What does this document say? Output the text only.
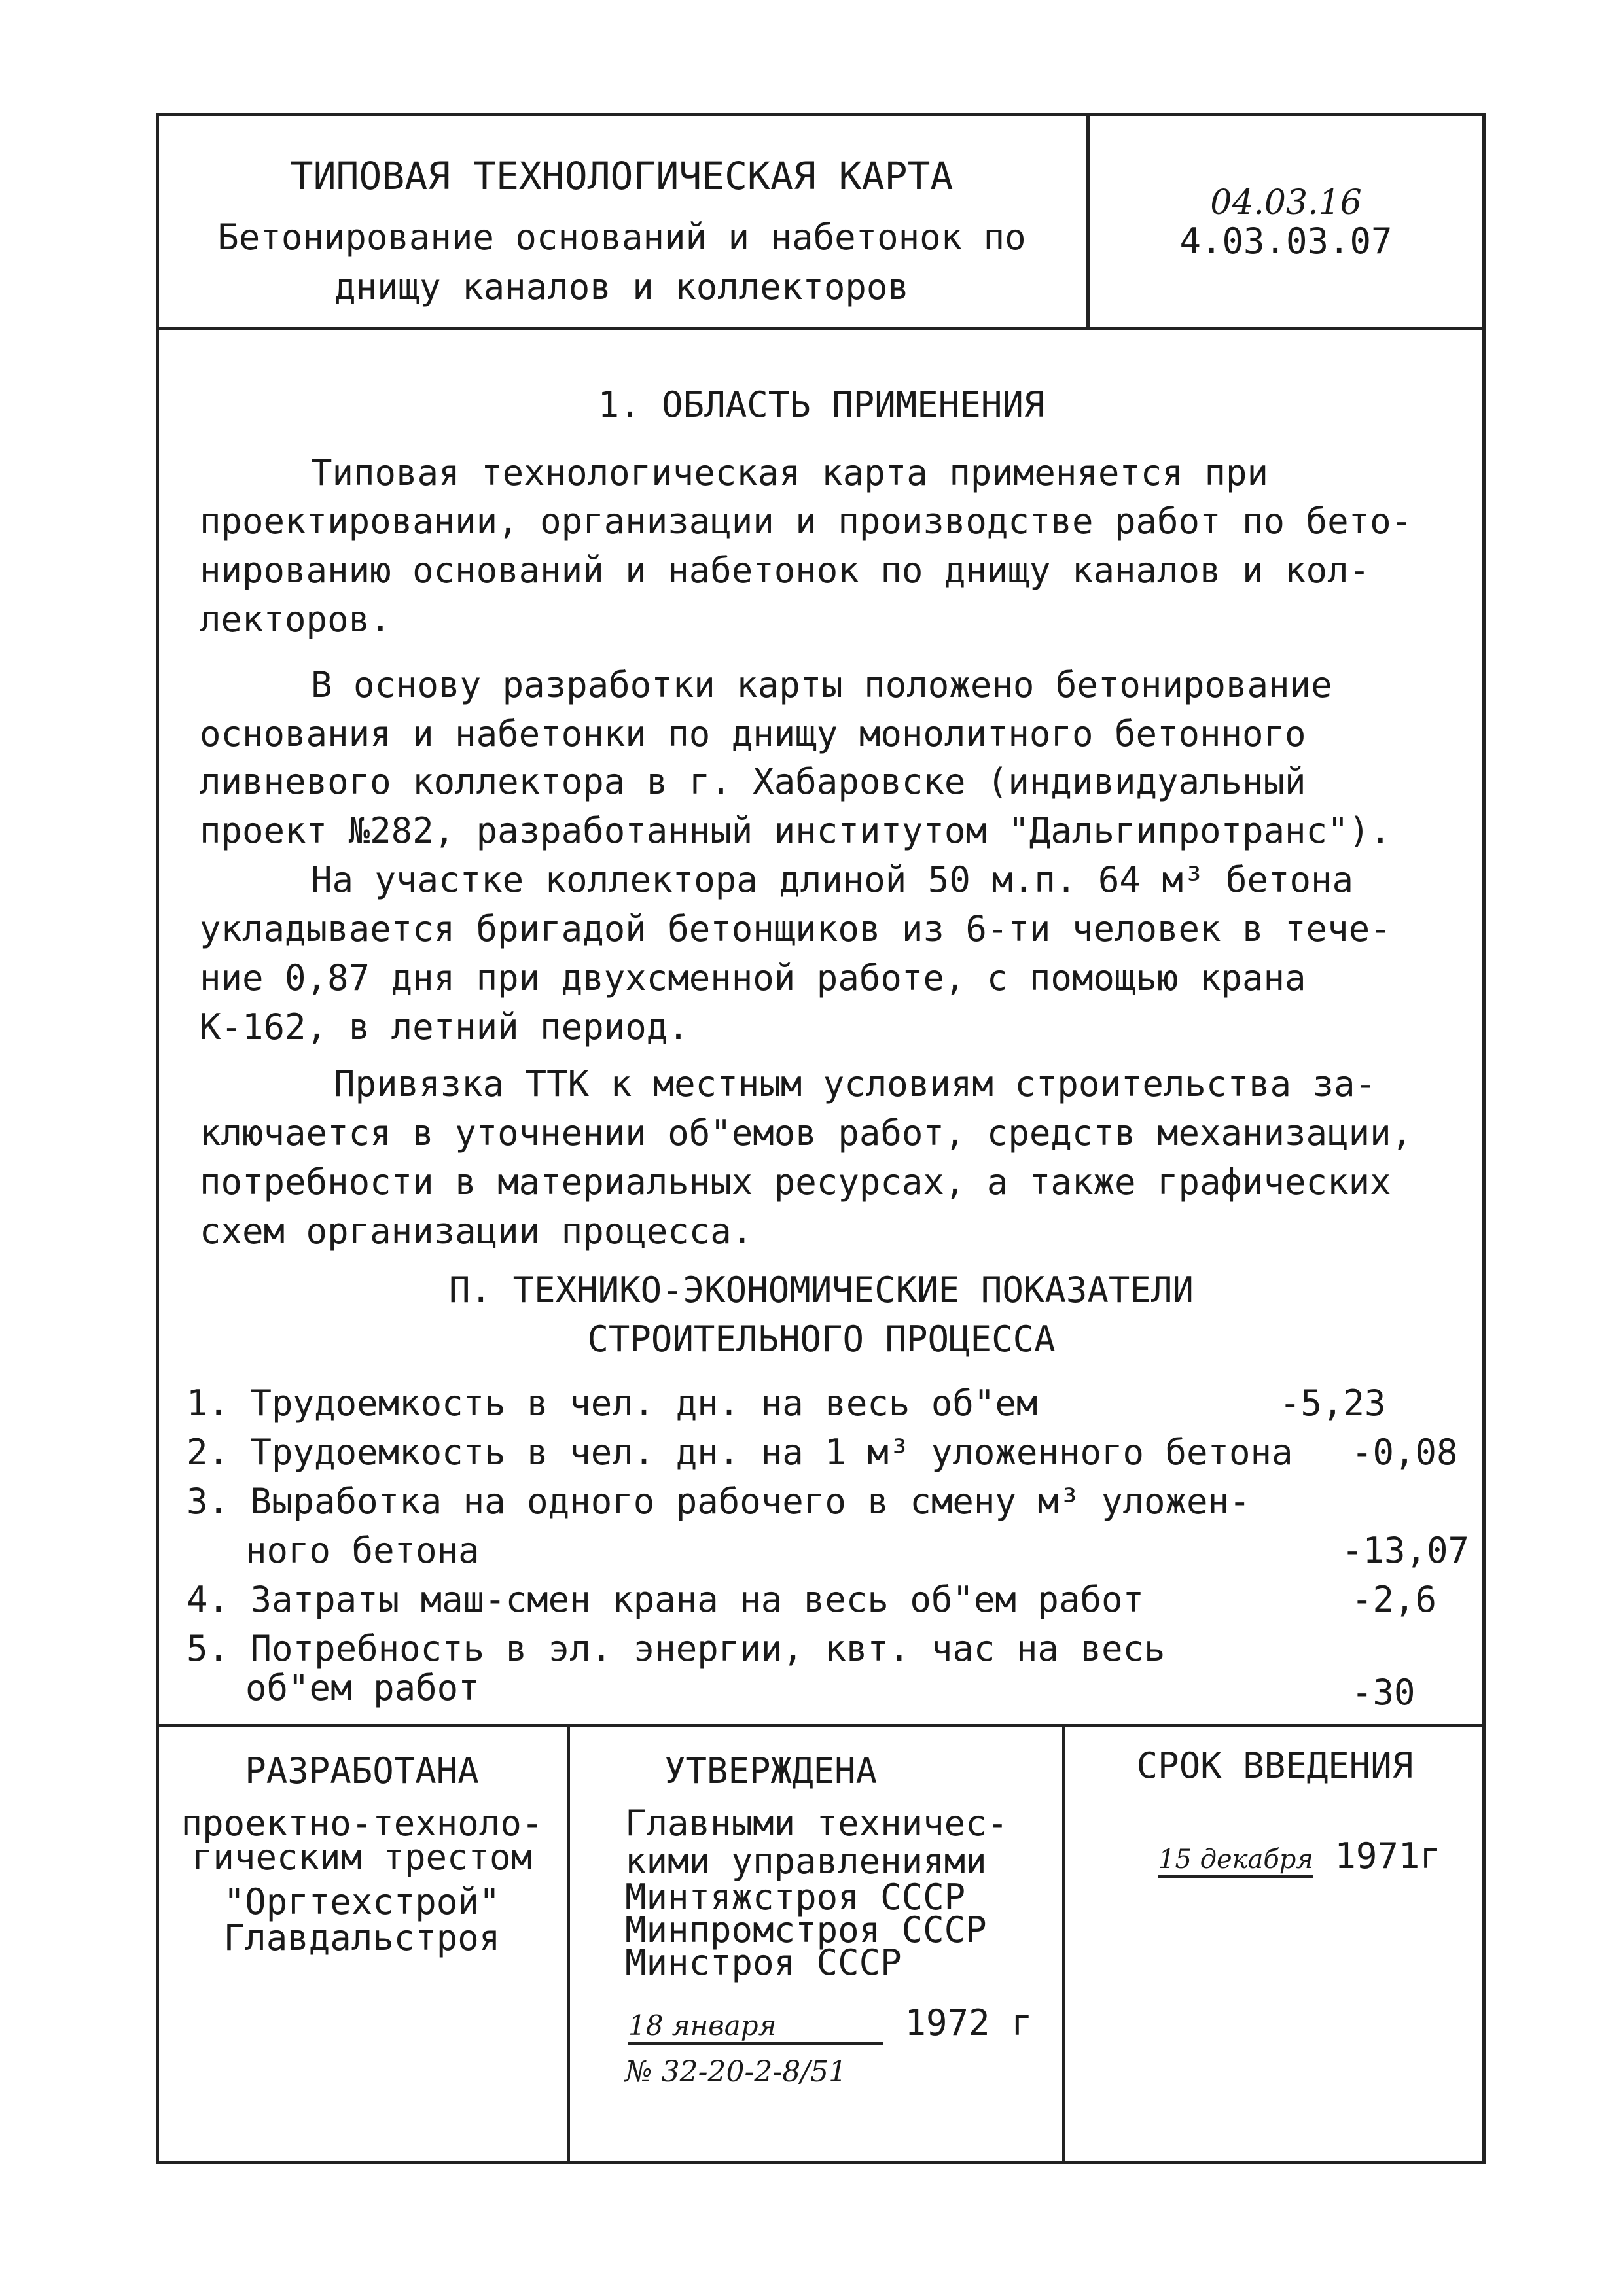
ТИПОВАЯ ТЕХНОЛОГИЧЕСКАЯ КАРТА
Бетонирование оснований и набетонок по
днищу каналов и коллекторов
04.03.16
4.03.03.07
1. ОБЛАСТЬ ПРИМЕНЕНИЯ
Типовая технологическая карта применяется при
проектировании, организации и производстве работ по бето-
нированию оснований и набетонок по днищу каналов и кол-
лекторов.
В основу разработки карты положено бетонирование
основания и набетонки по днищу монолитного бетонного
ливневого коллектора в г. Хабаровске (индивидуальный
проект №282, разработанный институтом "Дальгипротранс").
На участке коллектора длиной 50 м.п. 64 м³ бетона
укладывается бригадой бетонщиков из 6-ти человек в тече-
ние 0,87 дня при двухсменной работе, с помощью крана
К-162, в летний период.
Привязка ТТК к местным условиям строительства за-
ключается в уточнении об"емов работ, средств механизации,
потребности в материальных ресурсах, а также графических
схем организации процесса.
П. ТЕХНИКО-ЭКОНОМИЧЕСКИЕ ПОКАЗАТЕЛИ
СТРОИТЕЛЬНОГО ПРОЦЕССА
1. Трудоемкость в чел. дн. на весь об"ем	-5,23
2. Трудоемкость в чел. дн. на 1 м³ уложенного бетона -0,08
3. Выработка на одного рабочего в смену м³ уложен-
ного бетона	-13,07
4. Затраты маш-смен крана на весь об"ем работ	-2,6
5. Потребность в эл. энергии, квт. час на весь
об"ем работ	-30
РАЗРАБОТАНА
проектно-техноло-
гическим трестом
"Оргтехстрой"
Главдальстроя
УТВЕРЖДЕНА
Главными техничес-
кими управлениями
Минтяжстроя СССР
Минпромстроя СССР
Минстроя СССР
18 января	1972 г
№ 32-20-2-8/51
СРОК ВВЕДЕНИЯ
15 декабря 1971г
